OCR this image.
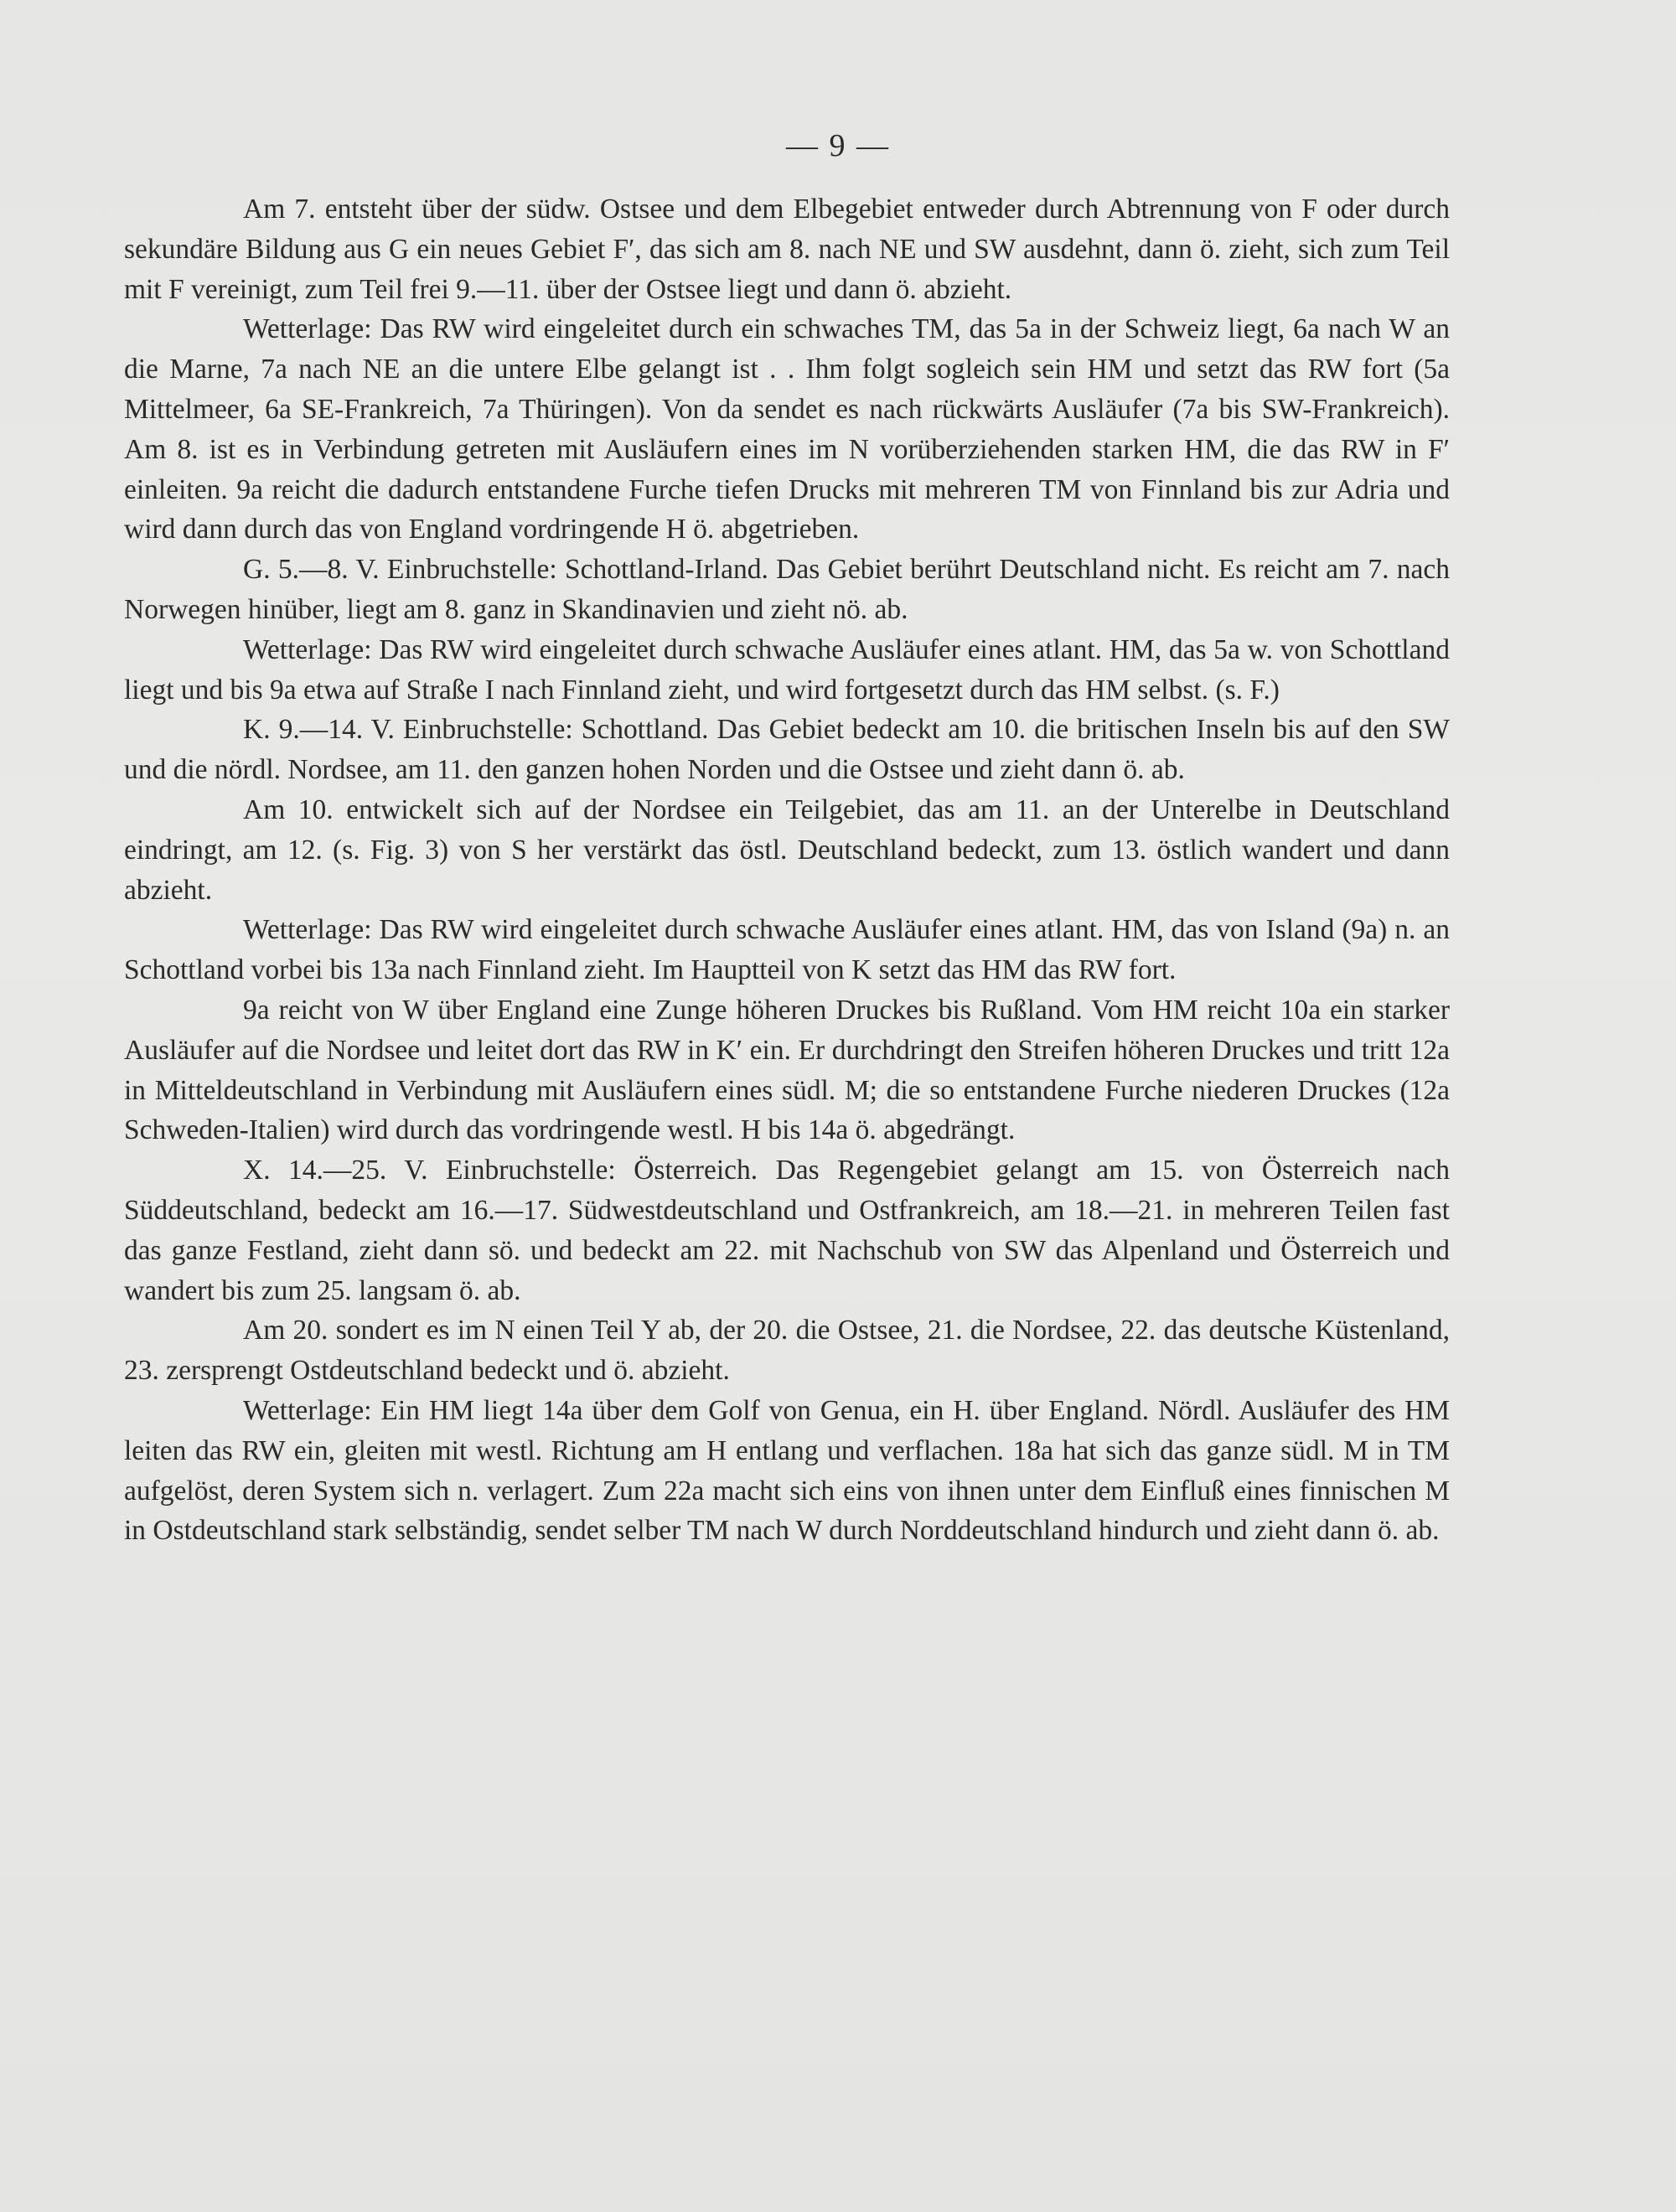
— 9 —

Am 7. entsteht über der südw. Ostsee und dem Elbegebiet entweder durch Abtrennung von F oder durch sekundäre Bildung aus G ein neues Gebiet F′, das sich am 8. nach NE und SW ausdehnt, dann ö. zieht, sich zum Teil mit F vereinigt, zum Teil frei 9.—11. über der Ostsee liegt und dann ö. abzieht.

Wetterlage: Das RW wird eingeleitet durch ein schwaches TM, das 5a in der Schweiz liegt, 6a nach W an die Marne, 7a nach NE an die untere Elbe gelangt ist . . Ihm folgt sogleich sein HM und setzt das RW fort (5a Mittelmeer, 6a SE-Frankreich, 7a Thüringen). Von da sendet es nach rückwärts Ausläufer (7a bis SW-Frankreich). Am 8. ist es in Verbindung getreten mit Ausläufern eines im N vorüberziehenden starken HM, die das RW in F′ einleiten. 9a reicht die dadurch entstandene Furche tiefen Drucks mit mehreren TM von Finnland bis zur Adria und wird dann durch das von England vordringende H ö. abgetrieben.

G. 5.—8. V. Einbruchstelle: Schottland-Irland. Das Gebiet berührt Deutschland nicht. Es reicht am 7. nach Norwegen hinüber, liegt am 8. ganz in Skandinavien und zieht nö. ab.

Wetterlage: Das RW wird eingeleitet durch schwache Ausläufer eines atlant. HM, das 5a w. von Schottland liegt und bis 9a etwa auf Straße I nach Finnland zieht, und wird fortgesetzt durch das HM selbst. (s. F.)

K. 9.—14. V. Einbruchstelle: Schottland. Das Gebiet bedeckt am 10. die britischen Inseln bis auf den SW und die nördl. Nordsee, am 11. den ganzen hohen Norden und die Ostsee und zieht dann ö. ab.

Am 10. entwickelt sich auf der Nordsee ein Teilgebiet, das am 11. an der Unterelbe in Deutschland eindringt, am 12. (s. Fig. 3) von S her verstärkt das östl. Deutschland bedeckt, zum 13. östlich wandert und dann abzieht.

Wetterlage: Das RW wird eingeleitet durch schwache Ausläufer eines atlant. HM, das von Island (9a) n. an Schottland vorbei bis 13a nach Finnland zieht. Im Hauptteil von K setzt das HM das RW fort.

9a reicht von W über England eine Zunge höheren Druckes bis Rußland. Vom HM reicht 10a ein starker Ausläufer auf die Nordsee und leitet dort das RW in K′ ein. Er durchdringt den Streifen höheren Druckes und tritt 12a in Mitteldeutschland in Verbindung mit Ausläufern eines südl. M; die so entstandene Furche niederen Druckes (12a Schweden-Italien) wird durch das vordringende westl. H bis 14a ö. abgedrängt.

X. 14.—25. V. Einbruchstelle: Österreich. Das Regengebiet gelangt am 15. von Österreich nach Süddeutschland, bedeckt am 16.—17. Südwestdeutschland und Ostfrankreich, am 18.—21. in mehreren Teilen fast das ganze Festland, zieht dann sö. und bedeckt am 22. mit Nachschub von SW das Alpenland und Österreich und wandert bis zum 25. langsam ö. ab.

Am 20. sondert es im N einen Teil Y ab, der 20. die Ostsee, 21. die Nordsee, 22. das deutsche Küstenland, 23. zersprengt Ostdeutschland bedeckt und ö. abzieht.

Wetterlage: Ein HM liegt 14a über dem Golf von Genua, ein H. über England. Nördl. Ausläufer des HM leiten das RW ein, gleiten mit westl. Richtung am H entlang und verflachen. 18a hat sich das ganze südl. M in TM aufgelöst, deren System sich n. verlagert. Zum 22a macht sich eins von ihnen unter dem Einfluß eines finnischen M in Ostdeutschland stark selbständig, sendet selber TM nach W durch Norddeutschland hindurch und zieht dann ö. ab.
